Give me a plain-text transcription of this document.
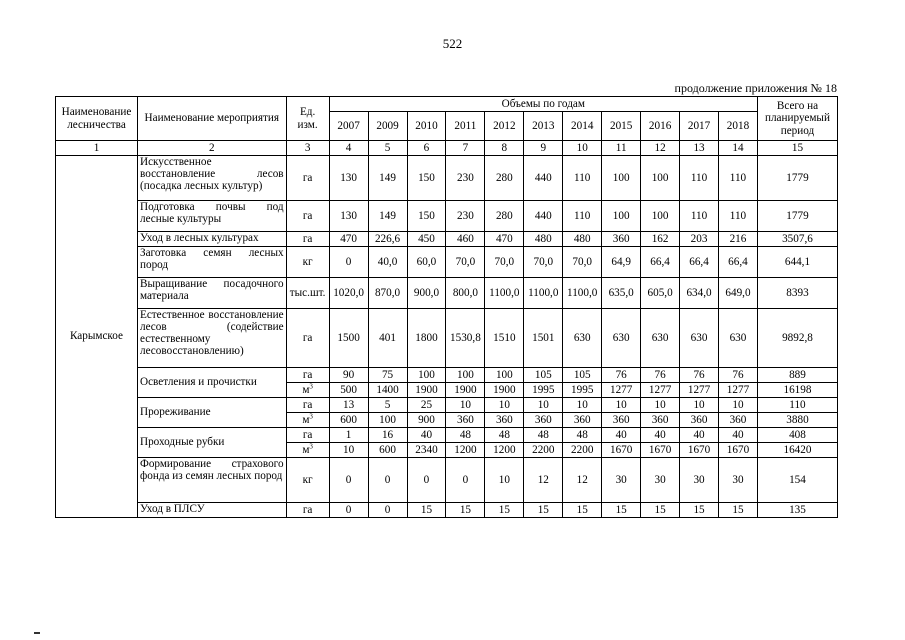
522
продолжение приложения № 18
Наименование лесничества	Наименование мероприятия	Ед. изм.	Объемы по годам											Всего на планируемый период
			2007	2009	2010	2011	2012	2013	2014	2015	2016	2017	2018	
1	2	3	4	5	6	7	8	9	10	11	12	13	14	15
Карымское	Искусственное восстановление лесов (посадка лесных культур)	га	130	149	150	230	280	440	110	100	100	110	110	1779
	Подготовка почвы под лесные культуры	га	130	149	150	230	280	440	110	100	100	110	110	1779
	Уход в лесных культурах	га	470	226,6	450	460	470	480	480	360	162	203	216	3507,6
	Заготовка семян лесных пород	кг	0	40,0	60,0	70,0	70,0	70,0	70,0	64,9	66,4	66,4	66,4	644,1
	Выращивание посадочного материала	тыс.шт.	1020,0	870,0	900,0	800,0	1100,0	1100,0	1100,0	635,0	605,0	634,0	649,0	8393
	Естественное восстановление лесов (содействие естественному лесовосстановлению)	га	1500	401	1800	1530,8	1510	1501	630	630	630	630	630	9892,8
	Осветления и прочистки	га	90	75	100	100	100	105	105	76	76	76	76	889
		$м^3$	500	1400	1900	1900	1900	1995	1995	1277	1277	1277	1277	16198
	Прореживание	га	13	5	25	10	10	10	10	10	10	10	10	110
		$м^3$	600	100	900	360	360	360	360	360	360	360	360	3880
	Проходные рубки	га	1	16	40	48	48	48	48	40	40	40	40	408
		$м^3$	10	600	2340	1200	1200	2200	2200	1670	1670	1670	1670	16420
	Формирование страхового фонда из семян лесных пород	кг	0	0	0	0	10	12	12	30	30	30	30	154
	Уход в ПЛСУ	га	0	0	15	15	15	15	15	15	15	15	15	135
